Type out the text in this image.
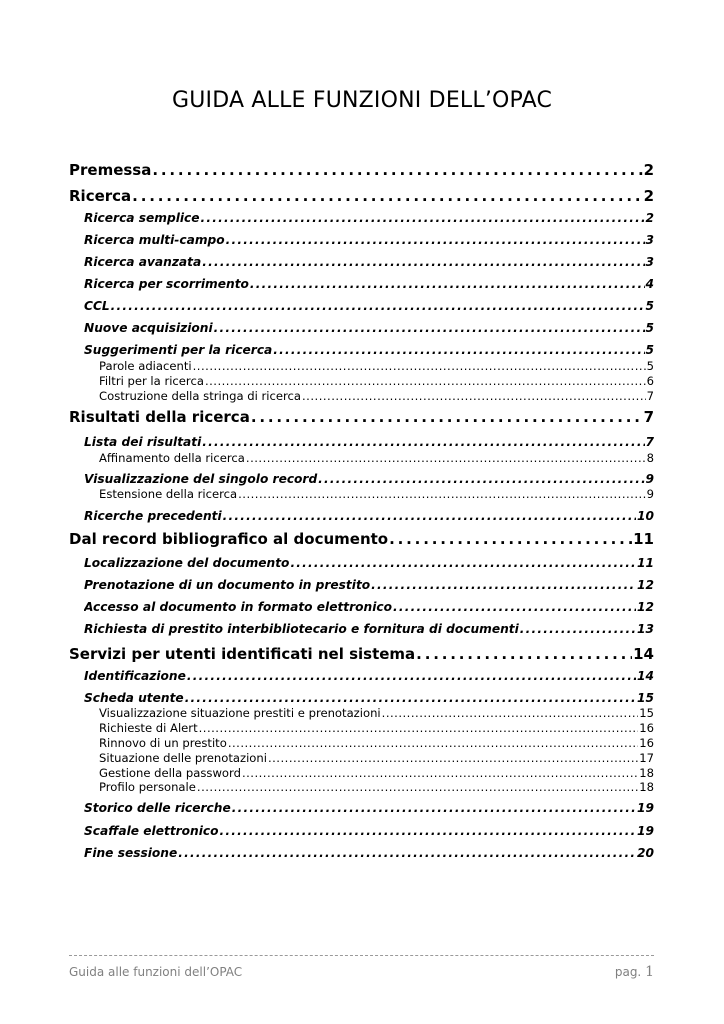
GUIDA ALLE FUNZIONI DELL’OPAC
Premessa . . .	2
Ricerca . . .	2
Ricerca semplice . . .	2
Ricerca multi-campo . . .	3
Ricerca avanzata . . .	3
Ricerca per scorrimento . . .	4
CCL . . .	5
Nuove acquisizioni . . .	5
Suggerimenti per la ricerca . . .	5
Parole adiacenti . . .	5
Filtri per la ricerca . . .	6
Costruzione della stringa di ricerca . . .	7
Risultati della ricerca . . .	7
Lista dei risultati . . .	7
Affinamento della ricerca . . .	8
Visualizzazione del singolo record . . .	9
Estensione della ricerca . . .	9
Ricerche precedenti . . .	10
Dal record bibliografico al documento . . .	11
Localizzazione del documento . . .	11
Prenotazione di un documento in prestito . . .	12
Accesso al documento in formato elettronico . . .	12
Richiesta di prestito interbibliotecario e fornitura di documenti . . .	13
Servizi per utenti identificati nel sistema . . .	14
Identificazione . . .	14
Scheda utente . . .	15
Visualizzazione situazione prestiti e prenotazioni . . .	15
Richieste di Alert . . .	16
Rinnovo di un prestito . . .	16
Situazione delle prenotazioni . . .	17
Gestione della password . . .	18
Profilo personale . . .	18
Storico delle ricerche . . .	19
Scaffale elettronico . . .	19
Fine sessione . . .	20
Guida alle funzioni dell’OPAC	pag. 1
